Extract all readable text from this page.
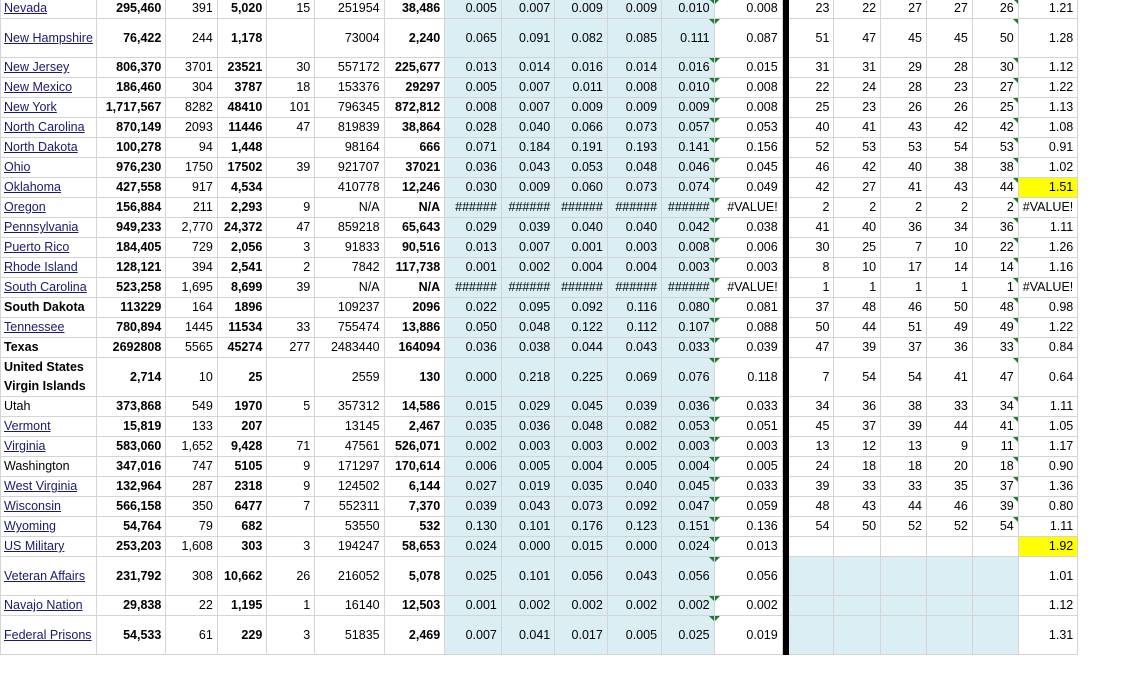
Nevada	295,460	391	5,020	15	251954	38,486	0.005	0.007	0.009	0.009	0.010	0.008		23	22	27	27	26	1.21
New Hampshire	76,422	244	1,178		73004	2,240	0.065	0.091	0.082	0.085	0.111	0.087		51	47	45	45	50	1.28
New Jersey	806,370	3701	23521	30	557172	225,677	0.013	0.014	0.016	0.014	0.016	0.015		31	31	29	28	30	1.12
New Mexico	186,460	304	3787	18	153376	29297	0.005	0.007	0.011	0.008	0.010	0.008		22	24	28	23	27	1.22
New York	1,717,567	8282	48410	101	796345	872,812	0.008	0.007	0.009	0.009	0.009	0.008		25	23	26	26	25	1.13
North Carolina	870,149	2093	11446	47	819839	38,864	0.028	0.040	0.066	0.073	0.057	0.053		40	41	43	42	42	1.08
North Dakota	100,278	94	1,448		98164	666	0.071	0.184	0.191	0.193	0.141	0.156		52	53	53	54	53	0.91
Ohio	976,230	1750	17502	39	921707	37021	0.036	0.043	0.053	0.048	0.046	0.045		46	42	40	38	38	1.02
Oklahoma	427,558	917	4,534		410778	12,246	0.030	0.009	0.060	0.073	0.074	0.049		42	27	41	43	44	1.51
Oregon	156,884	211	2,293	9	N/A	N/A	######	######	######	######	######	#VALUE!		2	2	2	2	2	#VALUE!
Pennsylvania	949,233	2,770	24,372	47	859218	65,643	0.029	0.039	0.040	0.040	0.042	0.038		41	40	36	34	36	1.11
Puerto Rico	184,405	729	2,056	3	91833	90,516	0.013	0.007	0.001	0.003	0.008	0.006		30	25	7	10	22	1.26
Rhode Island	128,121	394	2,541	2	7842	117,738	0.001	0.002	0.004	0.004	0.003	0.003		8	10	17	14	14	1.16
South Carolina	523,258	1,695	8,699	39	N/A	N/A	######	######	######	######	######	#VALUE!		1	1	1	1	1	#VALUE!
South Dakota	113229	164	1896		109237	2096	0.022	0.095	0.092	0.116	0.080	0.081		37	48	46	50	48	0.98
Tennessee	780,894	1445	11534	33	755474	13,886	0.050	0.048	0.122	0.112	0.107	0.088		50	44	51	49	49	1.22
Texas	2692808	5565	45274	277	2483440	164094	0.036	0.038	0.044	0.043	0.033	0.039		47	39	37	36	33	0.84
United States Virgin Islands	2,714	10	25		2559	130	0.000	0.218	0.225	0.069	0.076	0.118		7	54	54	41	47	0.64
Utah	373,868	549	1970	5	357312	14,586	0.015	0.029	0.045	0.039	0.036	0.033		34	36	38	33	34	1.11
Vermont	15,819	133	207		13145	2,467	0.035	0.036	0.048	0.082	0.053	0.051		45	37	39	44	41	1.05
Virginia	583,060	1,652	9,428	71	47561	526,071	0.002	0.003	0.003	0.002	0.003	0.003		13	12	13	9	11	1.17
Washington	347,016	747	5105	9	171297	170,614	0.006	0.005	0.004	0.005	0.004	0.005		24	18	18	20	18	0.90
West Virginia	132,964	287	2318	9	124502	6,144	0.027	0.019	0.035	0.040	0.045	0.033		39	33	33	35	37	1.36
Wisconsin	566,158	350	6477	7	552311	7,370	0.039	0.043	0.073	0.092	0.047	0.059		48	43	44	46	39	0.80
Wyoming	54,764	79	682		53550	532	0.130	0.101	0.176	0.123	0.151	0.136		54	50	52	52	54	1.11
US Military	253,203	1,608	303	3	194247	58,653	0.024	0.000	0.015	0.000	0.024	0.013							1.92
Veteran Affairs	231,792	308	10,662	26	216052	5,078	0.025	0.101	0.056	0.043	0.056	0.056							1.01
Navajo Nation	29,838	22	1,195	1	16140	12,503	0.001	0.002	0.002	0.002	0.002	0.002							1.12
Federal Prisons	54,533	61	229	3	51835	2,469	0.007	0.041	0.017	0.005	0.025	0.019							1.31
